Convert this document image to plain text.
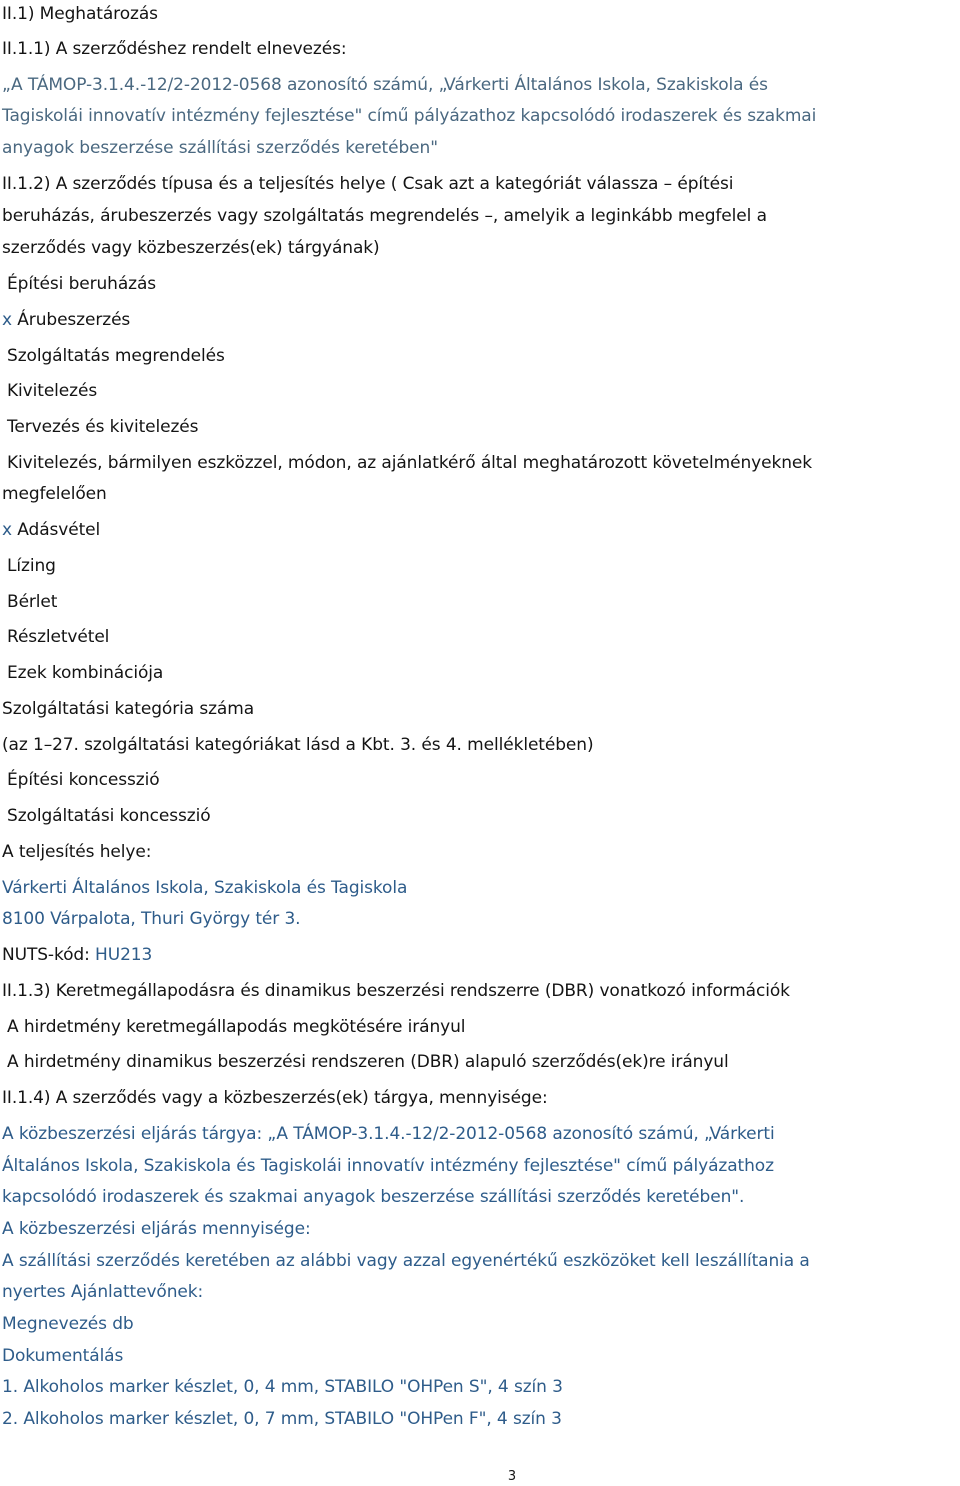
II.1) Meghatározás

II.1.1) A szerződéshez rendelt elnevezés:

„A TÁMOP-3.1.4.-12/2-2012-0568 azonosító számú, „Várkerti Általános Iskola, Szakiskola és

Tagiskolái innovatív intézmény fejlesztése" című pályázathoz kapcsolódó irodaszerek és szakmai

anyagok beszerzése szállítási szerződés keretében"

II.1.2) A szerződés típusa és a teljesítés helye ( Csak azt a kategóriát válassza – építési

beruházás, árubeszerzés vagy szolgáltatás megrendelés –, amelyik a leginkább megfelel a

szerződés vagy közbeszerzés(ek) tárgyának)

Építési beruházás

x Árubeszerzés

Szolgáltatás megrendelés

Kivitelezés

Tervezés és kivitelezés

Kivitelezés, bármilyen eszközzel, módon, az ajánlatkérő által meghatározott követelményeknek

megfelelően

x Adásvétel

Lízing

Bérlet

Részletvétel

Ezek kombinációja

Szolgáltatási kategória száma

(az 1–27. szolgáltatási kategóriákat lásd a Kbt. 3. és 4. mellékletében)

Építési koncesszió

Szolgáltatási koncesszió

A teljesítés helye:

Várkerti Általános Iskola, Szakiskola és Tagiskola

8100 Várpalota, Thuri György tér 3.

NUTS-kód: HU213

II.1.3) Keretmegállapodásra és dinamikus beszerzési rendszerre (DBR) vonatkozó információk

A hirdetmény keretmegállapodás megkötésére irányul

A hirdetmény dinamikus beszerzési rendszeren (DBR) alapuló szerződés(ek)re irányul

II.1.4) A szerződés vagy a közbeszerzés(ek) tárgya, mennyisége:

A közbeszerzési eljárás tárgya: „A TÁMOP-3.1.4.-12/2-2012-0568 azonosító számú, „Várkerti

Általános Iskola, Szakiskola és Tagiskolái innovatív intézmény fejlesztése" című pályázathoz

kapcsolódó irodaszerek és szakmai anyagok beszerzése szállítási szerződés keretében".

A közbeszerzési eljárás mennyisége:

A szállítási szerződés keretében az alábbi vagy azzal egyenértékű eszközöket kell leszállítania a

nyertes Ajánlattevőnek:

Megnevezés db

Dokumentálás

1. Alkoholos marker készlet, 0, 4 mm, STABILO "OHPen S", 4 szín 3

2. Alkoholos marker készlet, 0, 7 mm, STABILO "OHPen F", 4 szín 3

3
